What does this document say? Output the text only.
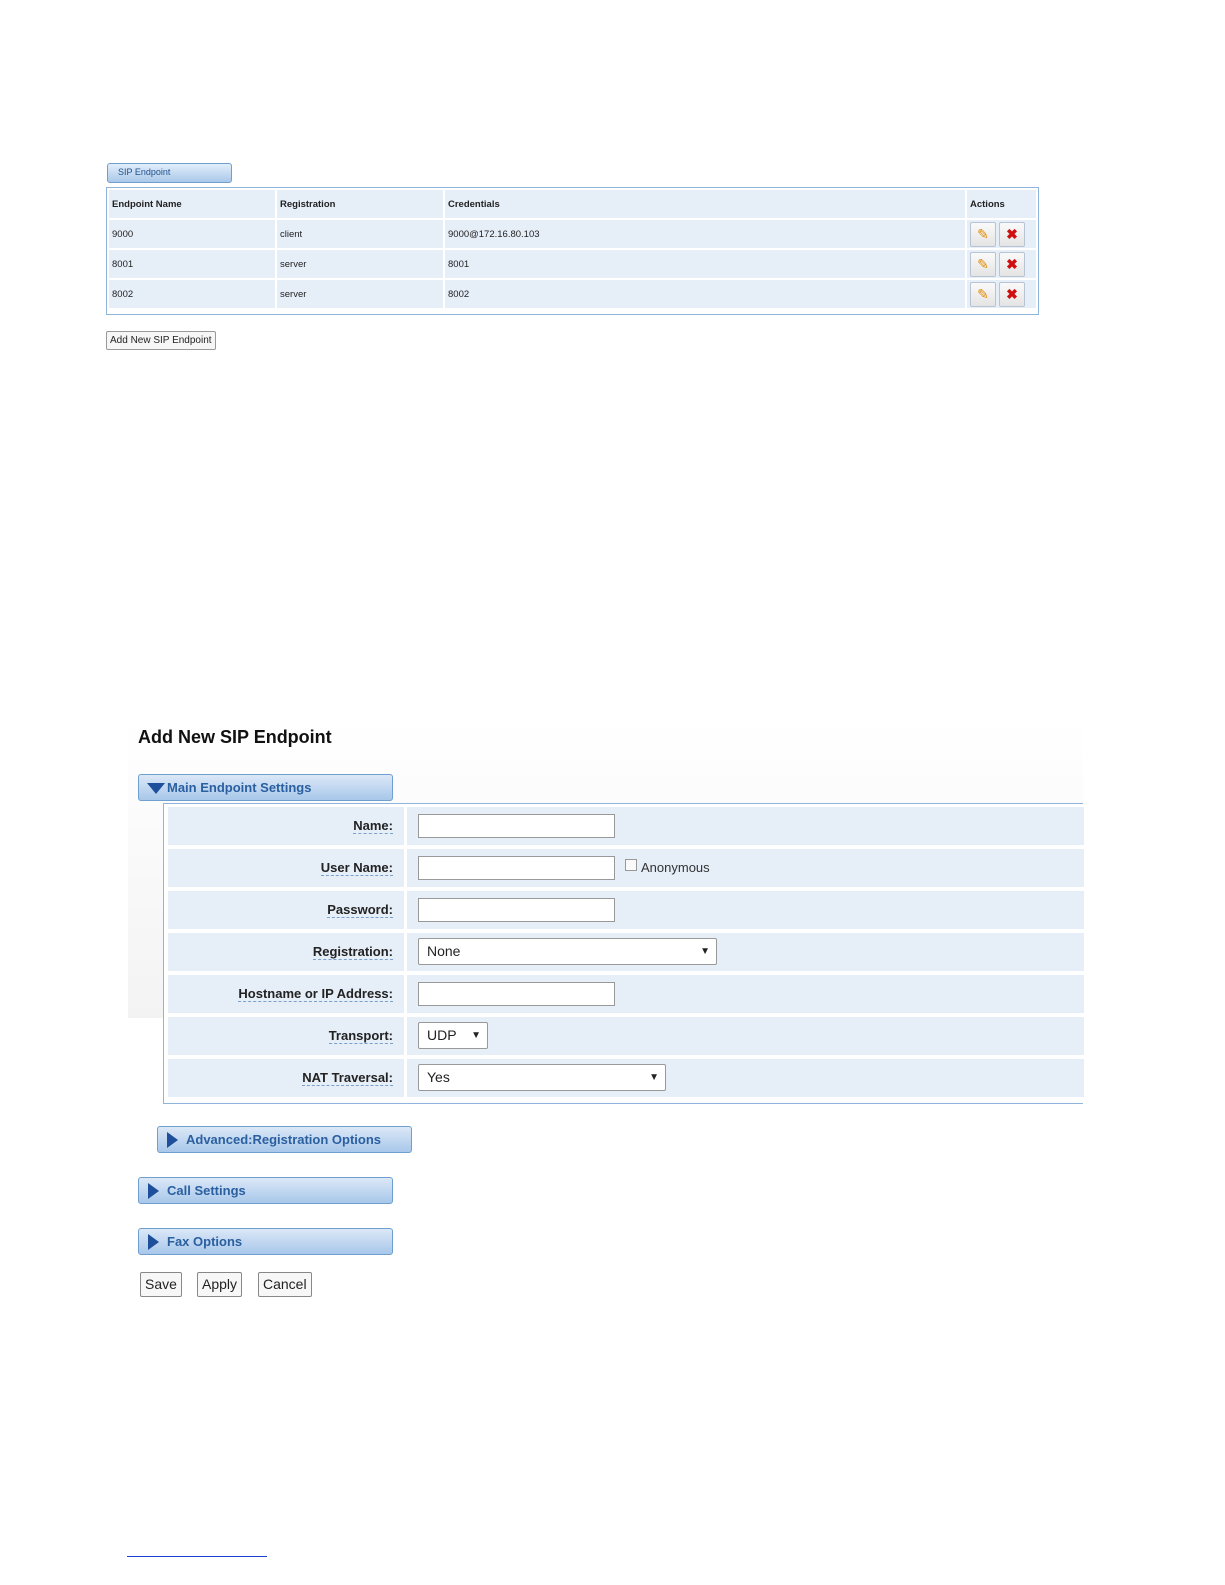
SIP Endpoint
Endpoint Name	Registration	Credentials	Actions
9000	client	9000@172.16.80.103	✎ ✖
8001	server	8001	✎ ✖
8002	server	8002	✎ ✖
Add New SIP Endpoint
Add New SIP Endpoint
Main Endpoint Settings
Name:
User Name:	Anonymous
Password:
Registration:	None	▼
Hostname or IP Address:
Transport:	UDP ▼
NAT Traversal:	Yes	▼
Advanced:Registration Options
Call Settings
Fax Options
Save	Apply	Cancel
